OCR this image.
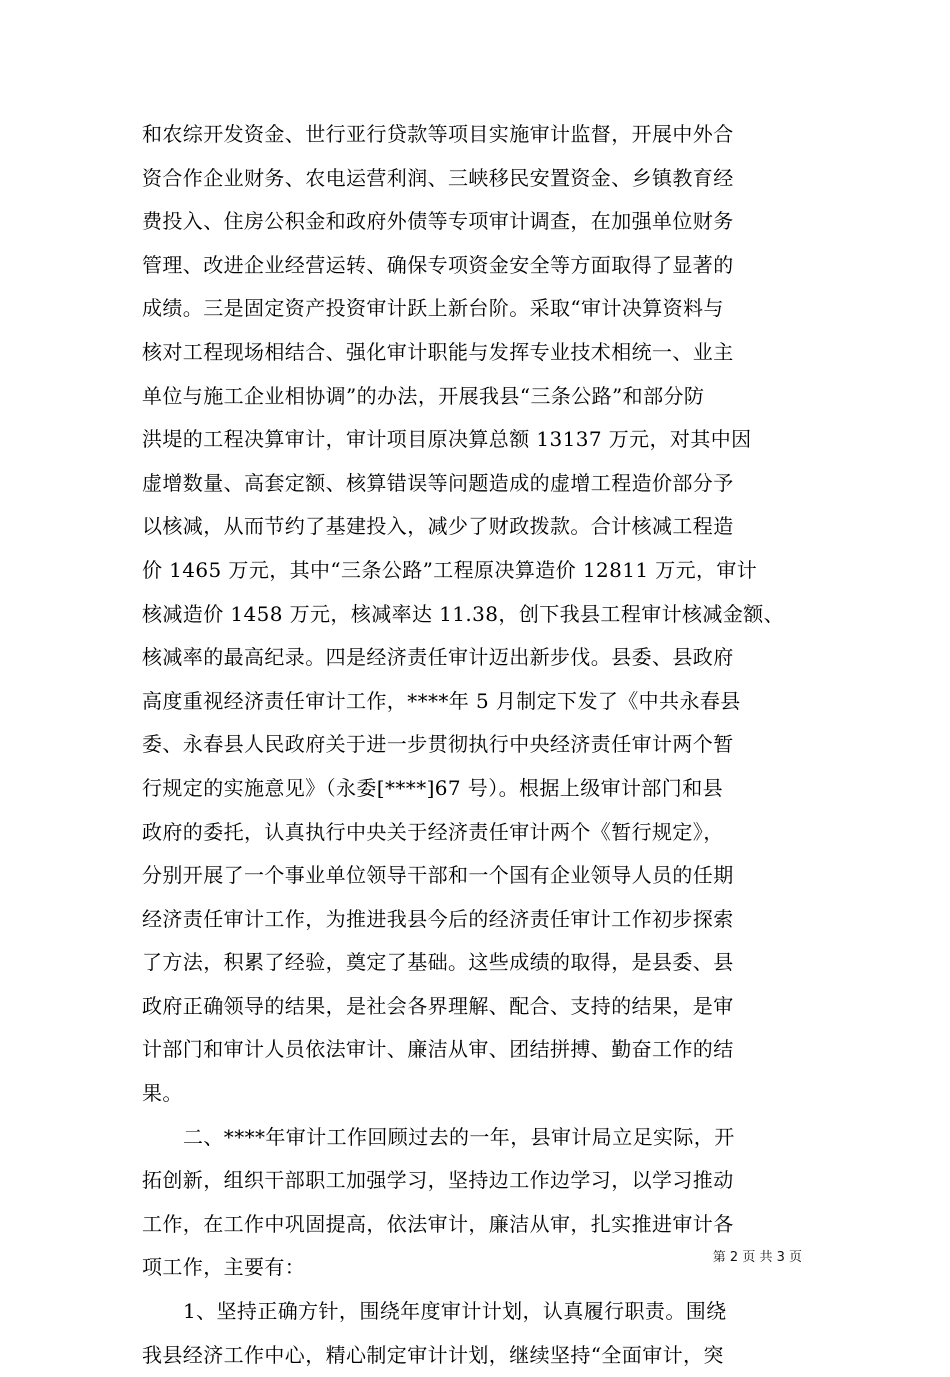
和农综开发资金、世行亚行贷款等项目实施审计监督，开展中外合
资合作企业财务、农电运营利润、三峡移民安置资金、乡镇教育经
费投入、住房公积金和政府外债等专项审计调查，在加强单位财务
管理、改进企业经营运转、确保专项资金安全等方面取得了显著的
成绩。三是固定资产投资审计跃上新台阶。采取“审计决算资料与
核对工程现场相结合、强化审计职能与发挥专业技术相统一、业主
单位与施工企业相协调”的办法，开展我县“三条公路”和部分防
洪堤的工程决算审计，审计项目原决算总额 13137 万元，对其中因
虚增数量、高套定额、核算错误等问题造成的虚增工程造价部分予
以核减，从而节约了基建投入，减少了财政拨款。合计核减工程造
价 1465 万元，其中“三条公路”工程原决算造价 12811 万元，审计
核减造价 1458 万元，核减率达 11.38，创下我县工程审计核减金额、
核减率的最高纪录。四是经济责任审计迈出新步伐。县委、县政府
高度重视经济责任审计工作，****年 5 月制定下发了《中共永春县
委、永春县人民政府关于进一步贯彻执行中央经济责任审计两个暂
行规定的实施意见》（永委[****]67 号）。根据上级审计部门和县
政府的委托，认真执行中央关于经济责任审计两个《暂行规定》，
分别开展了一个事业单位领导干部和一个国有企业领导人员的任期
经济责任审计工作，为推进我县今后的经济责任审计工作初步探索
了方法，积累了经验，奠定了基础。这些成绩的取得，是县委、县
政府正确领导的结果，是社会各界理解、配合、支持的结果，是审
计部门和审计人员依法审计、廉洁从审、团结拼搏、勤奋工作的结
果。
二、****年审计工作回顾过去的一年，县审计局立足实际，开
拓创新，组织干部职工加强学习，坚持边工作边学习，以学习推动
工作，在工作中巩固提高，依法审计，廉洁从审，扎实推进审计各
项工作，主要有：
1、坚持正确方针，围绕年度审计计划，认真履行职责。围绕
我县经济工作中心，精心制定审计计划，继续坚持“全面审计，突
第 2 页 共 3 页
